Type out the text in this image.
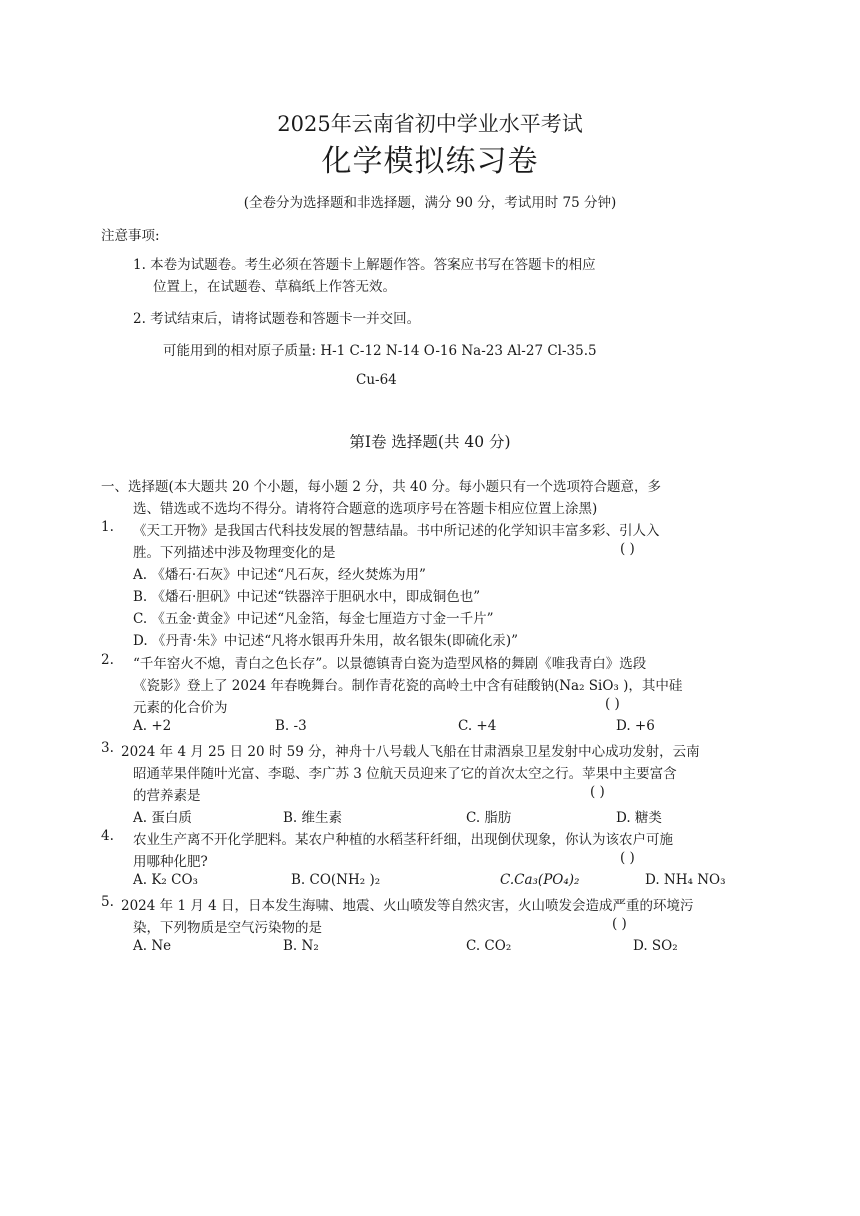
2025年云南省初中学业水平考试
化学模拟练习卷
(全卷分为选择题和非选择题，满分 90 分，考试用时 75 分钟)
注意事项:
1. 本卷为试题卷。考生必须在答题卡上解题作答。答案应书写在答题卡的相应
位置上，在试题卷、草稿纸上作答无效。
2. 考试结束后，请将试题卷和答题卡一并交回。
可能用到的相对原子质量: H-1 C-12 N-14 O-16 Na-23 Al-27 Cl-35.5
Cu-64
第Ⅰ卷 选择题(共 40 分)
一、选择题(本大题共 20 个小题，每小题 2 分，共 40 分。每小题只有一个选项符合题意，多
选、错选或不选均不得分。请将符合题意的选项序号在答题卡相应位置上涂黑)
1. 《天工开物》是我国古代科技发展的智慧结晶。书中所记述的化学知识丰富多彩、引人入
胜。下列描述中涉及物理变化的是	( )
A. 《燔石·石灰》中记述“凡石灰，经火焚炼为用”
B. 《燔石·胆矾》中记述“铁器淬于胆矾水中，即成铜色也”
C. 《五金·黄金》中记述“凡金箔，每金七厘造方寸金一千片”
D. 《丹青·朱》中记述“凡将水银再升朱用，故名银朱(即硫化汞)”
2. “千年窑火不熄，青白之色长存”。以景德镇青白瓷为造型风格的舞剧《唯我青白》选段
《瓷影》登上了 2024 年春晚舞台。制作青花瓷的高岭土中含有硅酸钠(Na₂ SiO₃ )，其中硅
元素的化合价为	( )
A. +2	B. -3	C. +4	D. +6
3. 2024 年 4 月 25 日 20 时 59 分，神舟十八号载人飞船在甘肃酒泉卫星发射中心成功发射，云南
昭通苹果伴随叶光富、李聪、李广苏 3 位航天员迎来了它的首次太空之行。苹果中主要富含
的营养素是	( )
A. 蛋白质	B. 维生素	C. 脂肪	D. 糖类
4. 农业生产离不开化学肥料。某农户种植的水稻茎秆纤细，出现倒伏现象，你认为该农户可施
用哪种化肥?	( )
A. K₂ CO₃	B. CO(NH₂ )₂	C.Ca₃(PO₄)₂	D. NH₄ NO₃
5. 2024 年 1 月 4 日，日本发生海啸、地震、火山喷发等自然灾害，火山喷发会造成严重的环境污
染，下列物质是空气污染物的是	( )
A. Ne	B. N₂	C. CO₂	D. SO₂
